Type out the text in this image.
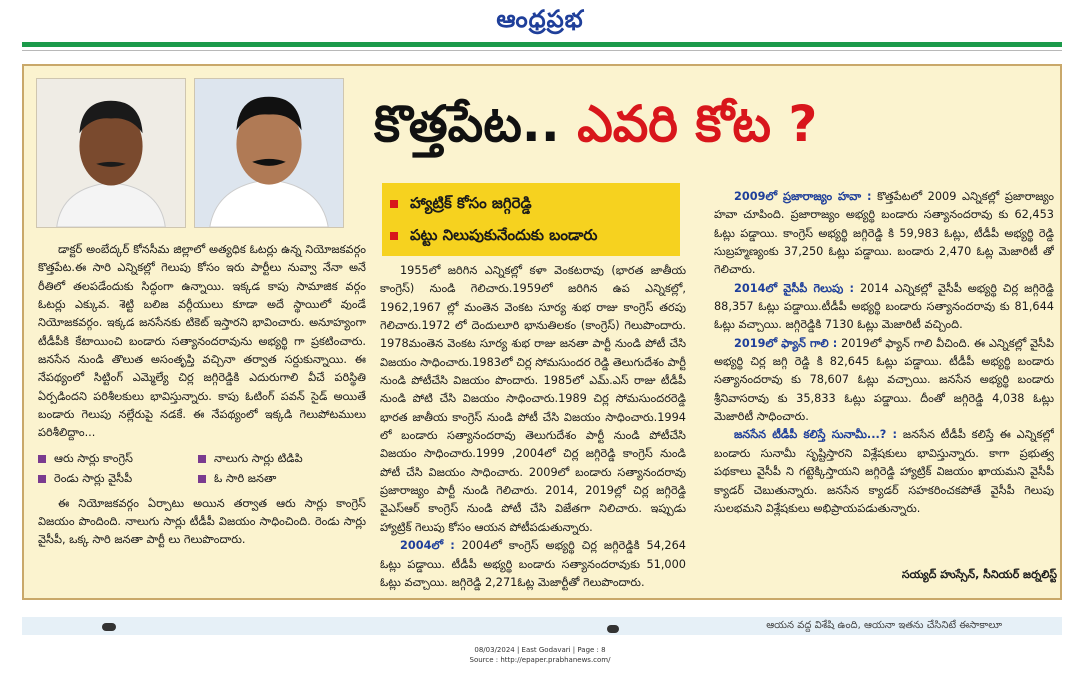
ఆంధ్రప్రభ
కొత్తపేట.. ఎవరి కోట ?
హ్యాట్రిక్ కోసం జగ్గిరెడ్డి
పట్టు నిలుపుకునేందుకు బండారు

డాక్టర్ అంబేద్కర్ కోనసీమ జిల్లాలో అత్యధిక ఓటర్లు ఉన్న నియోజకవర్గం కొత్తపేట.ఈ సారి ఎన్నికల్లో గెలుపు కోసం ఇరు పార్టీలు నువ్వా నేనా అనే రీతిలో తలపడేందుకు సిద్ధంగా ఉన్నాయి. ఇక్కడ కాపు సామాజిక వర్గం ఓటర్లు ఎక్కువ. శెట్టి బలిజ వర్గీయులు కూడా అదే స్థాయిలో వుండే నియోజకవర్గం. ఇక్కడ జనసేనకు టికెట్ ఇస్తారని భావించారు. అనూహ్యంగా టీడీపీకి కేటాయించి బండారు సత్యానందరావును అభ్యర్థి గా ప్రకటించారు. జనసేన నుండి తొలుత అసంతృప్తి వచ్చినా తర్వాత సర్దుకున్నాయి. ఈ నేపథ్యంలో సిట్టింగ్ ఎమ్మెల్యే చిర్ల జగ్గిరెడ్డికి ఎదురుగాలి వీచే పరిస్థితి ఏర్పడిందని పరిశీలకులు భావిస్తున్నారు. కాపు ఓటింగ్ పవన్ సైడ్ అయితే బండారు గెలుపు నల్లేరుపై నడకే. ఈ నేపథ్యంలో ఇక్కడి గెలుపోటములు పరిశీలిద్దాం...

ఆరు సార్లు కాంగ్రెస్	నాలుగు సార్లు టిడిపి
రెండు సార్లు వైసీపీ	ఓ సారి జనతా

ఈ నియోజకవర్గం ఏర్పాటు అయిన తర్వాత ఆరు సార్లు కాంగ్రెస్ విజయం పొందింది. నాలుగు సార్లు టీడీపీ విజయం సాధించింది. రెండు సార్లు వైసీపీ, ఒక్క సారి జనతా పార్టీ లు గెలుపొందారు.

1955లో జరిగిన ఎన్నికల్లో కళా వెంకటరావు (భారత జాతీయ కాంగ్రెస్) నుండి గెలిచారు.1959లో జరిగిన ఉప ఎన్నికల్లో, 1962,1967 ల్లో మంతెన వెంకట సూర్య శుభ రాజు కాంగ్రెస్ తరపు గెలిచారు.1972 లో దెందులూరి భానుతిలకం (కాంగ్రెస్) గెలుపొందారు. 1978మంతెన వెంకట సూర్య శుభ రాజు జనతా పార్టీ నుండి పోటీ చేసి విజయం సాధించారు.1983లో చిర్ల సోమసుందర రెడ్డి తెలుగుదేశం పార్టీ నుండి పోటీచేసి విజయం పొందారు. 1985లో ఎమ్.ఎస్ రాజు టీడీపీ నుండి పోటి చేసి విజయం సాధించారు.1989 చిర్ల సోమసుందరరెడ్డి భారత జాతీయ కాంగ్రెస్ నుండి పోటీ చేసి విజయం సాధించారు.1994 లో బండారు సత్యానందరావు తెలుగుదేశం పార్టీ నుండి పోటీచేసి విజయం సాధించారు.1999 ,2004లో చిర్ల జగ్గిరెడ్డి కాంగ్రెస్ నుండి పోటీ చేసి విజయం సాధించారు. 2009లో బండారు సత్యానందరావు ప్రజారాజ్యం పార్టీ నుండి గెలిచారు. 2014, 2019ల్లో చిర్ల జగ్గిరెడ్డి వైఎస్ఆర్ కాంగ్రెస్ నుండి పోటీ చేసి విజేతగా నిలిచారు. ఇప్పుడు హ్యాట్రిక్ గెలుపు కోసం ఆయన పోటీపడుతున్నారు.

2004లో : 2004లో కాంగ్రెస్ అభ్యర్థి చిర్ల జగ్గిరెడ్డికి 54,264 ఓట్లు పడ్డాయి. టీడీపీ అభ్యర్థి బండారు సత్యానందరావుకు 51,000 ఓట్లు వచ్చాయి. జగ్గిరెడ్డి 2,271ఓట్ల మెజార్టీతో గెలుపొందారు.

2009లో ప్రజారాజ్యం హవా : కొత్తపేటలో 2009 ఎన్నికల్లో ప్రజారాజ్యం హవా చూపింది. ప్రజారాజ్యం అభ్యర్థి బండారు సత్యానందరావు కు 62,453 ఓట్లు పడ్డాయి. కాంగ్రెస్ అభ్యర్థి జగ్గిరెడ్డి కి 59,983 ఓట్లు, టీడీపీ అభ్యర్థి రెడ్డి సుబ్రహ్మణ్యంకు 37,250 ఓట్లు పడ్డాయి. బండారు 2,470 ఓట్ల మెజారిటీ తో గెలిచారు.

2014లో వైసీపీ గెలుపు : 2014 ఎన్నికల్లో వైసీపీ అభ్యర్థి చిర్ల జగ్గిరెడ్డి 88,357 ఓట్లు పడ్డాయి.టీడీపీ అభ్యర్థి బండారు సత్యానందరావు కు 81,644 ఓట్లు వచ్చాయి. జగ్గిరెడ్డికి 7130 ఓట్లు మెజారిటీ వచ్చింది.

2019లో ఫ్యాన్ గాలి : 2019లో ఫ్యాన్ గాలి వీచింది. ఈ ఎన్నికల్లో వైసీపి అభ్యర్థి చిర్ల జగ్గి రెడ్డి కి 82,645 ఓట్లు పడ్డాయి. టీడీపీ అభ్యర్థి బండారు సత్యానందరావు కు 78,607 ఓట్లు వచ్చాయి. జనసేన అభ్యర్థి బండారు శ్రీనివాసరావు కు 35,833 ఓట్లు పడ్డాయి. దీంతో జగ్గిరెడ్డి 4,038 ఓట్లు మెజారిటీ సాధించారు.

జనసేన టీడీపీ కలిస్తే సునామీ...? : జనసేన టీడీపీ కలిస్తే ఈ ఎన్నికల్లో బండారు సునామీ సృష్టిస్తారని విశ్లేషకులు భావిస్తున్నారు. కాగా ప్రభుత్వ పథకాలు వైసీపీ ని గట్టెక్కిస్తాయని జగ్గిరెడ్డి హ్యాట్రిక్ విజయం ఖాయమని వైసీపీ క్యాడర్ చెబుతున్నారు. జనసేన క్యాడర్ సహకరించకపోతే వైసీపీ గెలుపు సులభమని విశ్లేషకులు అభిప్రాయపడుతున్నారు.

సయ్యద్ హుస్సేన్, సీనియర్ జర్నలిస్ట్
ఆయన వద్ద విశేషి ఉంది, ఆయనా ఇతను చేసినిటే ఈసాకాలూ
08/03/2024 | East Godavari | Page : 8
Source : http://epaper.prabhanews.com/
